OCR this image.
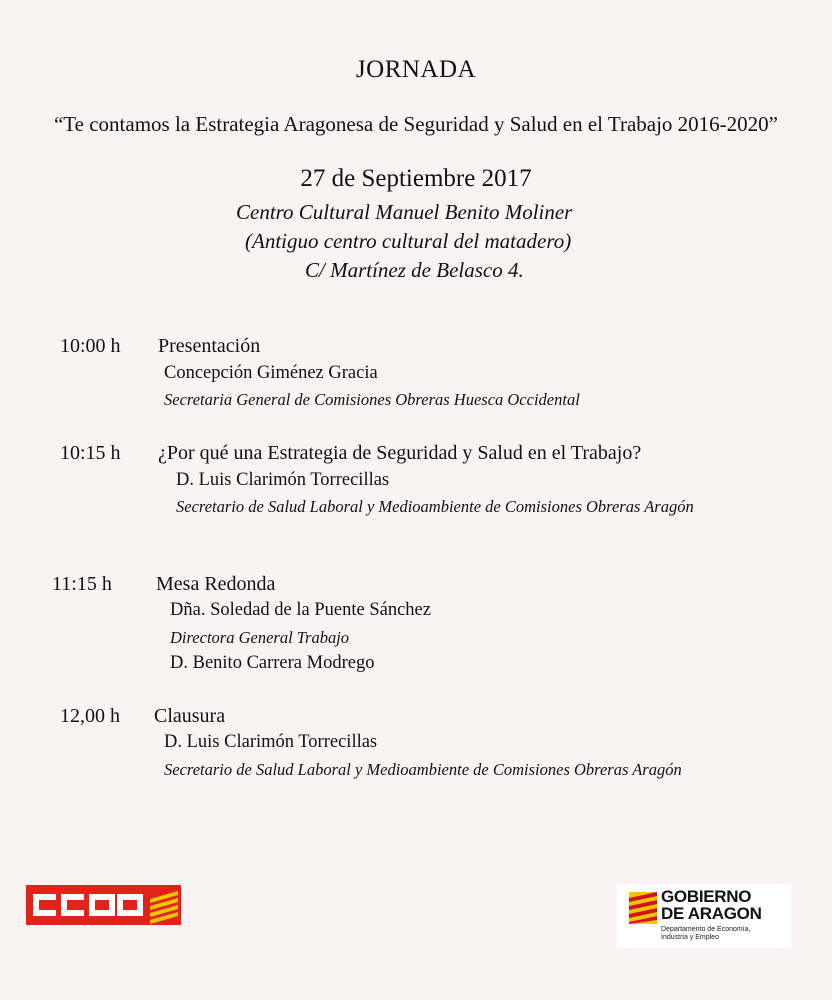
JORNADA
“Te contamos la Estrategia Aragonesa de Seguridad y Salud en el Trabajo 2016-2020”
27 de Septiembre 2017
Centro Cultural Manuel Benito Moliner
(Antiguo centro cultural del matadero)
C/ Martínez de Belasco 4.
10:00 h Presentación
Concepción Giménez Gracia
Secretaria General de Comisiones Obreras Huesca Occidental
10:15 h ¿Por qué una Estrategia de Seguridad y Salud en el Trabajo?
D. Luis Clarimón Torrecillas
Secretario de Salud Laboral y Medioambiente de Comisiones Obreras Aragón
11:15 h Mesa Redonda
Dña. Soledad de la Puente Sánchez
Directora General Trabajo
D. Benito Carrera Modrego
12,00 h Clausura
D. Luis Clarimón Torrecillas
Secretario de Salud Laboral y Medioambiente de Comisiones Obreras Aragón
GOBIERNO
DE ARAGON
Departamento de Economía,
Industria y Empleo
